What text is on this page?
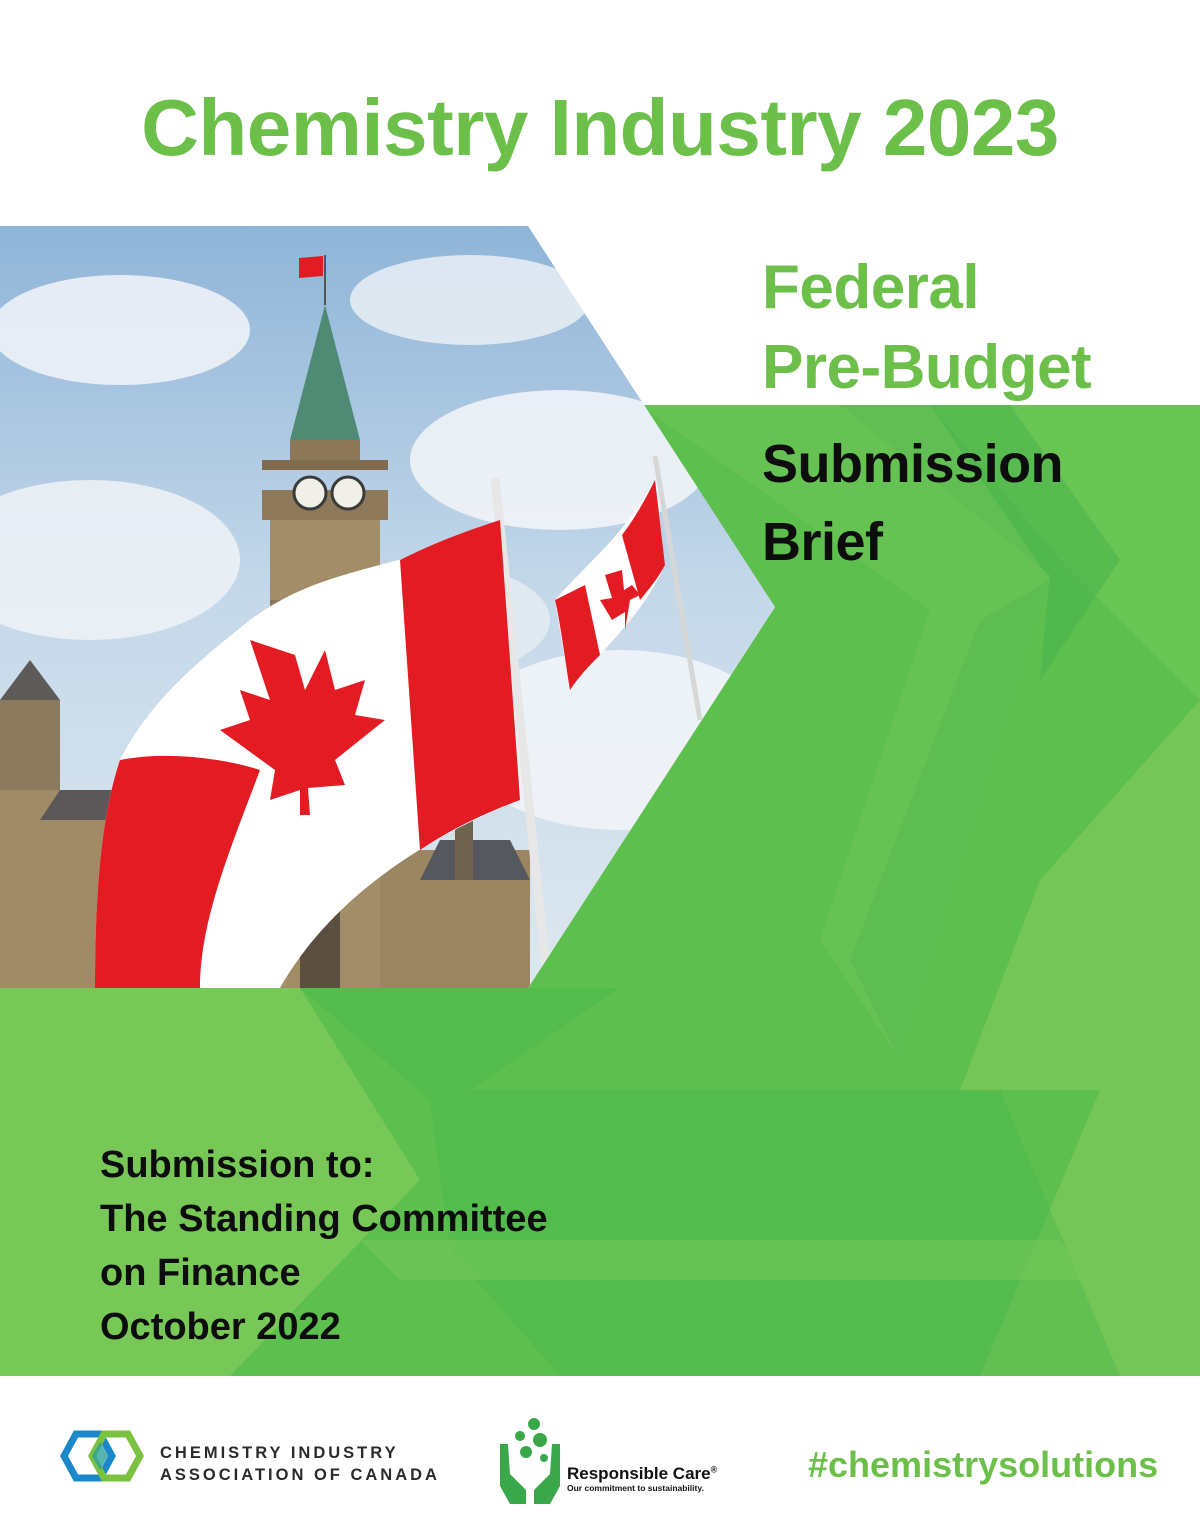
Chemistry Industry 2023
Federal
Pre-Budget
Submission
Brief
Submission to:
The Standing Committee
on Finance
October 2022
CHEMISTRY INDUSTRY
ASSOCIATION OF CANADA	Responsible Care®
Our commitment to sustainability.
#chemistrysolutions
